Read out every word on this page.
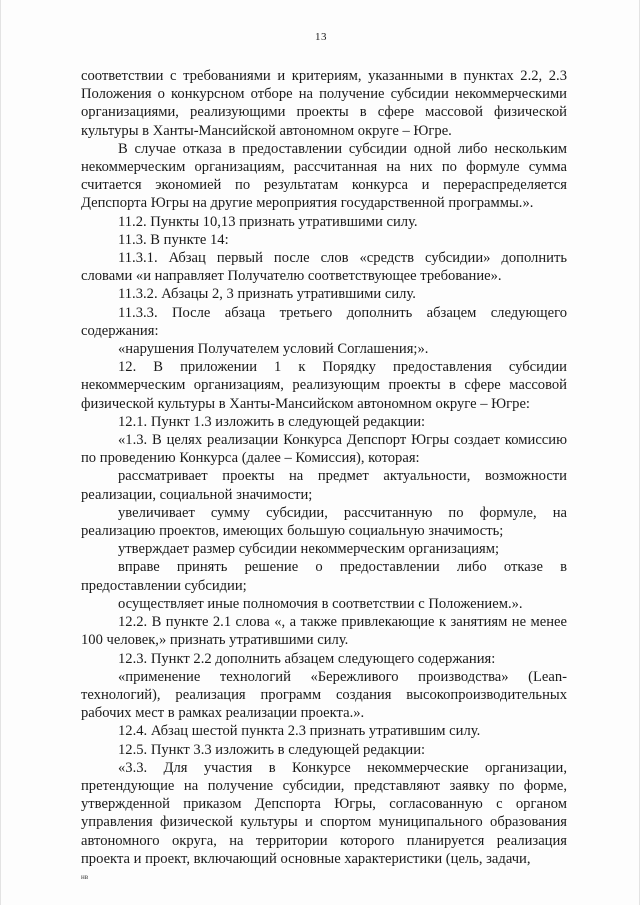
13

соответствии с требованиями и критериям, указанными в пунктах 2.2, 2.3 Положения о конкурсном отборе на получение субсидии некоммерческими организациями, реализующими проекты в сфере массовой физической культуры в Ханты-Мансийской автономном округе – Югре.

В случае отказа в предоставлении субсидии одной либо нескольким некоммерческим организациям, рассчитанная на них по формуле сумма считается экономией по результатам конкурса и перераспределяется Депспорта Югры на другие мероприятия государственной программы.».

11.2. Пункты 10,13 признать утратившими силу.

11.3. В пункте 14:

11.3.1. Абзац первый после слов «средств субсидии» дополнить словами «и направляет Получателю соответствующее требование».

11.3.2. Абзацы 2, 3 признать утратившими силу.

11.3.3. После абзаца третьего дополнить абзацем следующего содержания:

«нарушения Получателем условий Соглашения;».

12. В приложении 1 к Порядку предоставления субсидии некоммерческим организациям, реализующим проекты в сфере массовой физической культуры в Ханты-Мансийском автономном округе – Югре:

12.1. Пункт 1.3 изложить в следующей редакции:

«1.3. В целях реализации Конкурса Депспорт Югры создает комиссию по проведению Конкурса (далее – Комиссия), которая:

рассматривает проекты на предмет актуальности, возможности реализации, социальной значимости;

увеличивает сумму субсидии, рассчитанную по формуле, на реализацию проектов, имеющих большую социальную значимость;

утверждает размер субсидии некоммерческим организациям;

вправе принять решение о предоставлении либо отказе в предоставлении субсидии;

осуществляет иные полномочия в соответствии с Положением.».

12.2. В пункте 2.1 слова «, а также привлекающие к занятиям не менее 100 человек,» признать утратившими силу.

12.3. Пункт 2.2 дополнить абзацем следующего содержания:

«применение технологий «Бережливого производства» (Lean-технологий), реализация программ создания высокопроизводительных рабочих мест в рамках реализации проекта.».

12.4. Абзац шестой пункта 2.3 признать утратившим силу.

12.5. Пункт 3.3 изложить в следующей редакции:

«3.3. Для участия в Конкурсе некоммерческие организации, претендующие на получение субсидии, представляют заявку по форме, утвержденной приказом Депспорта Югры, согласованную с органом управления физической культуры и спортом муниципального образования автономного округа, на территории которого планируется реализация проекта и проект, включающий основные характеристики (цель, задачи,

нв
